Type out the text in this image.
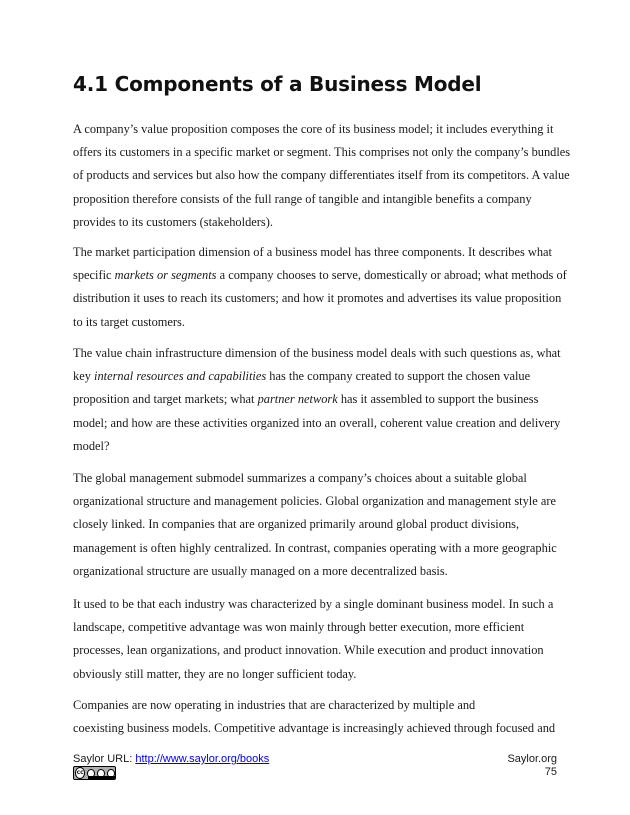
4.1 Components of a Business Model
A company’s value proposition composes the core of its business model; it includes everything it
offers its customers in a specific market or segment. This comprises not only the company’s bundles
of products and services but also how the company differentiates itself from its competitors. A value
proposition therefore consists of the full range of tangible and intangible benefits a company
provides to its customers (stakeholders).
The market participation dimension of a business model has three components. It describes what
specific markets or segments a company chooses to serve, domestically or abroad; what methods of
distribution it uses to reach its customers; and how it promotes and advertises its value proposition
to its target customers.
The value chain infrastructure dimension of the business model deals with such questions as, what
key internal resources and capabilities has the company created to support the chosen value
proposition and target markets; what partner network has it assembled to support the business
model; and how are these activities organized into an overall, coherent value creation and delivery
model?
The global management submodel summarizes a company’s choices about a suitable global
organizational structure and management policies. Global organization and management style are
closely linked. In companies that are organized primarily around global product divisions,
management is often highly centralized. In contrast, companies operating with a more geographic
organizational structure are usually managed on a more decentralized basis.
It used to be that each industry was characterized by a single dominant business model. In such a
landscape, competitive advantage was won mainly through better execution, more efficient
processes, lean organizations, and product innovation. While execution and product innovation
obviously still matter, they are no longer sufficient today.
Companies are now operating in industries that are characterized by multiple and
coexisting business models. Competitive advantage is increasingly achieved through focused and
Saylor URL: http://www.saylor.org/books
cc
Saylor.org
75
